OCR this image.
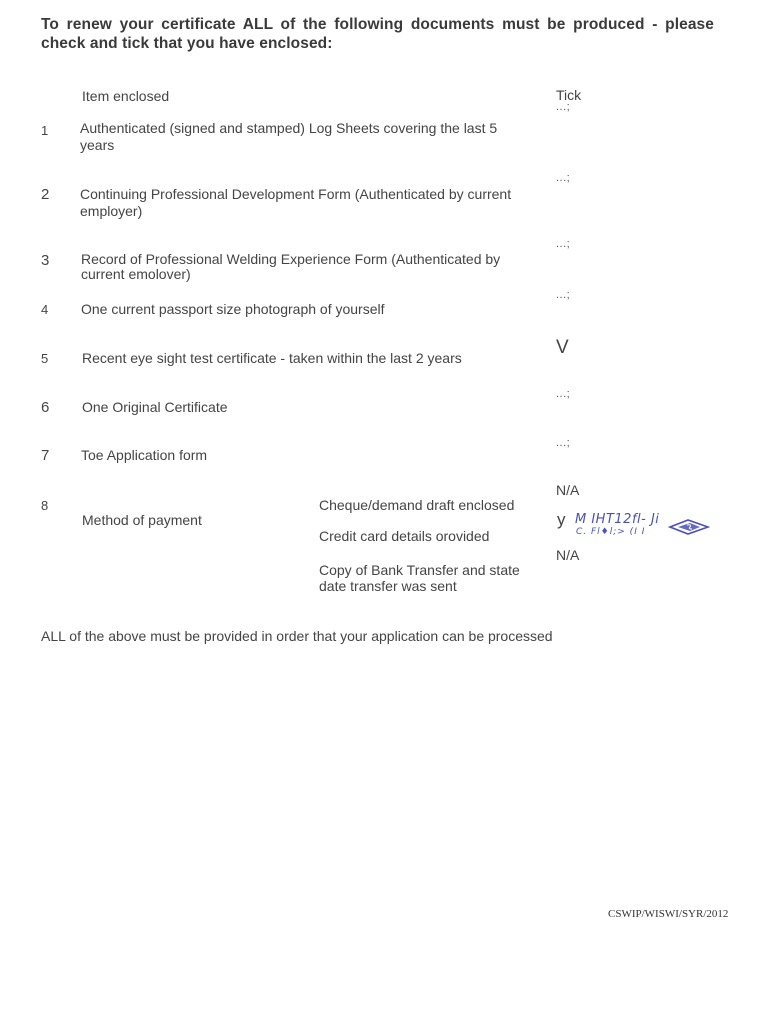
To renew your certificate ALL of the following documents must be produced - please check and tick that you have enclosed:
Item enclosed	Tick
1 Authenticated (signed and stamped) Log Sheets covering the last 5 years
...;
2 Continuing Professional Development Form (Authenticated by current employer)
...;
3 Record of Professional Welding Experience Form (Authenticated by current emolover)
...;
4 One current passport size photograph of yourself
...;
5 Recent eye sight test certificate - taken within the last 2 years	V
6 One Original Certificate
...;
7 Toe Application form
...;
8
Method of payment
Cheque/demand draft enclosed
Credit card details orovided
Copy of Bank Transfer and state date transfer was sent
N/A
y
N/A
M IHT12fl- Ji
C. Fl♦l;> (I I
ALL of the above must be provided in order that your application can be processed
CSWIP/WISWI/SYR/2012
